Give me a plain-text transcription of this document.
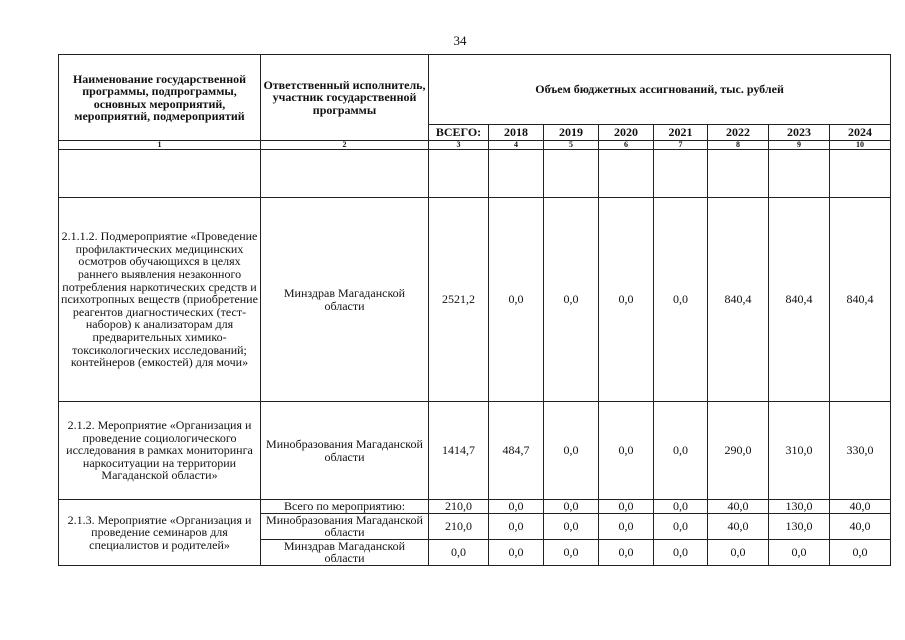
34
Наименование государственной программы, подпрограммы, основных мероприятий, мероприятий, подмероприятий	Ответственный исполнитель, участник государственной программы	Объем бюджетных ассигнований, тыс. рублей							
		ВСЕГО:	2018	2019	2020	2021	2022	2023	2024
1	2	3	4	5	6	7	8	9	10

2.1.1.2. Подмероприятие «Проведение профилактических медицинских осмотров обучающихся в целях раннего выявления незаконного потребления наркотических средств и психотропных веществ (приобретение реагентов диагностических (тест-наборов) к анализаторам для предварительных химико-токсикологических исследований; контейнеров (емкостей) для мочи»	Минздрав Магаданской области	2521,2	0,0	0,0	0,0	0,0	840,4	840,4	840,4
2.1.2. Мероприятие «Организация и проведение социологического исследования в рамках мониторинга наркоситуации на территории Магаданской области»	Минобразования Магаданской области	1414,7	484,7	0,0	0,0	0,0	290,0	310,0	330,0
2.1.3. Мероприятие «Организация и проведение семинаров для специалистов и родителей»	Всего по мероприятию:	210,0	0,0	0,0	0,0	0,0	40,0	130,0	40,0
	Минобразования Магаданской области	210,0	0,0	0,0	0,0	0,0	40,0	130,0	40,0
	Минздрав Магаданской области	0,0	0,0	0,0	0,0	0,0	0,0	0,0	0,0
